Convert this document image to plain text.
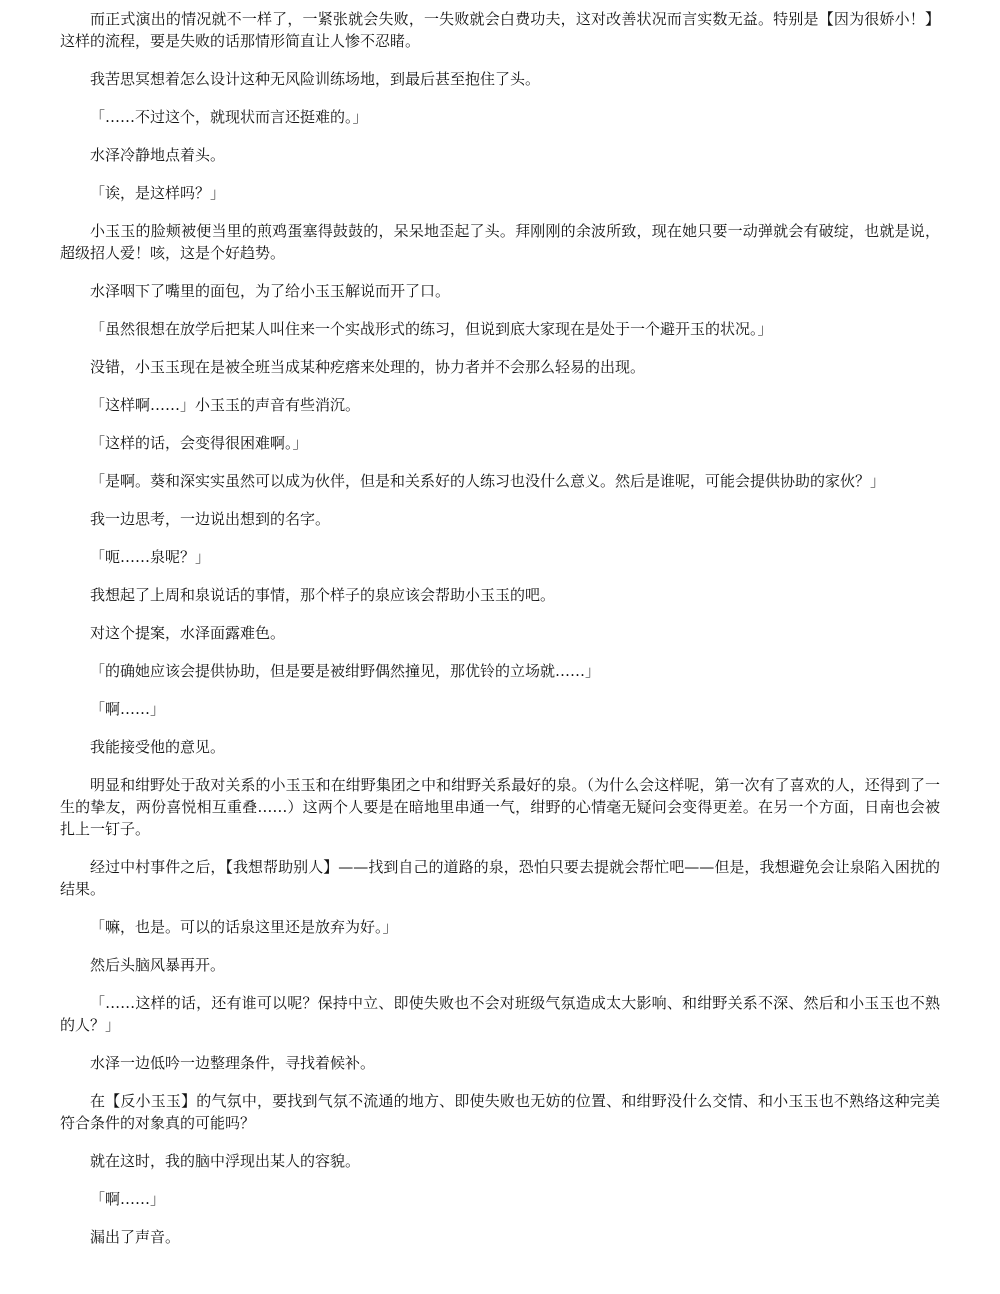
而正式演出的情况就不一样了，一紧张就会失败，一失败就会白费功夫，这对改善状况而言实数无益。特别是【因为很娇小！】这样的流程，要是失败的话那情形简直让人惨不忍睹。

我苦思冥想着怎么设计这种无风险训练场地，到最后甚至抱住了头。

「……不过这个，就现状而言还挺难的。」

水泽冷静地点着头。

「诶，是这样吗？」

小玉玉的脸颊被便当里的煎鸡蛋塞得鼓鼓的，呆呆地歪起了头。拜刚刚的余波所致，现在她只要一动弹就会有破绽，也就是说，超级招人爱！咳，这是个好趋势。

水泽咽下了嘴里的面包，为了给小玉玉解说而开了口。

「虽然很想在放学后把某人叫住来一个实战形式的练习，但说到底大家现在是处于一个避开玉的状况。」

没错，小玉玉现在是被全班当成某种疙瘩来处理的，协力者并不会那么轻易的出现。

「这样啊……」小玉玉的声音有些消沉。

「这样的话，会变得很困难啊。」

「是啊。葵和深实实虽然可以成为伙伴，但是和关系好的人练习也没什么意义。然后是谁呢，可能会提供协助的家伙？」

我一边思考，一边说出想到的名字。

「呃……泉呢？」

我想起了上周和泉说话的事情，那个样子的泉应该会帮助小玉玉的吧。

对这个提案，水泽面露难色。

「的确她应该会提供协助，但是要是被绀野偶然撞见，那优铃的立场就……」

「啊……」

我能接受他的意见。

明显和绀野处于敌对关系的小玉玉和在绀野集团之中和绀野关系最好的泉。（为什么会这样呢，第一次有了喜欢的人，还得到了一生的挚友，两份喜悦相互重叠……）这两个人要是在暗地里串通一气，绀野的心情毫无疑问会变得更差。在另一个方面，日南也会被扎上一钉子。

经过中村事件之后，【我想帮助别人】——找到自己的道路的泉，恐怕只要去提就会帮忙吧——但是，我想避免会让泉陷入困扰的结果。

「嘛，也是。可以的话泉这里还是放弃为好。」

然后头脑风暴再开。

「……这样的话，还有谁可以呢？保持中立、即使失败也不会对班级气氛造成太大影响、和绀野关系不深、然后和小玉玉也不熟的人？」

水泽一边低吟一边整理条件，寻找着候补。

在【反小玉玉】的气氛中，要找到气氛不流通的地方、即使失败也无妨的位置、和绀野没什么交情、和小玉玉也不熟络这种完美符合条件的对象真的可能吗？

就在这时，我的脑中浮现出某人的容貌。

「啊……」

漏出了声音。
